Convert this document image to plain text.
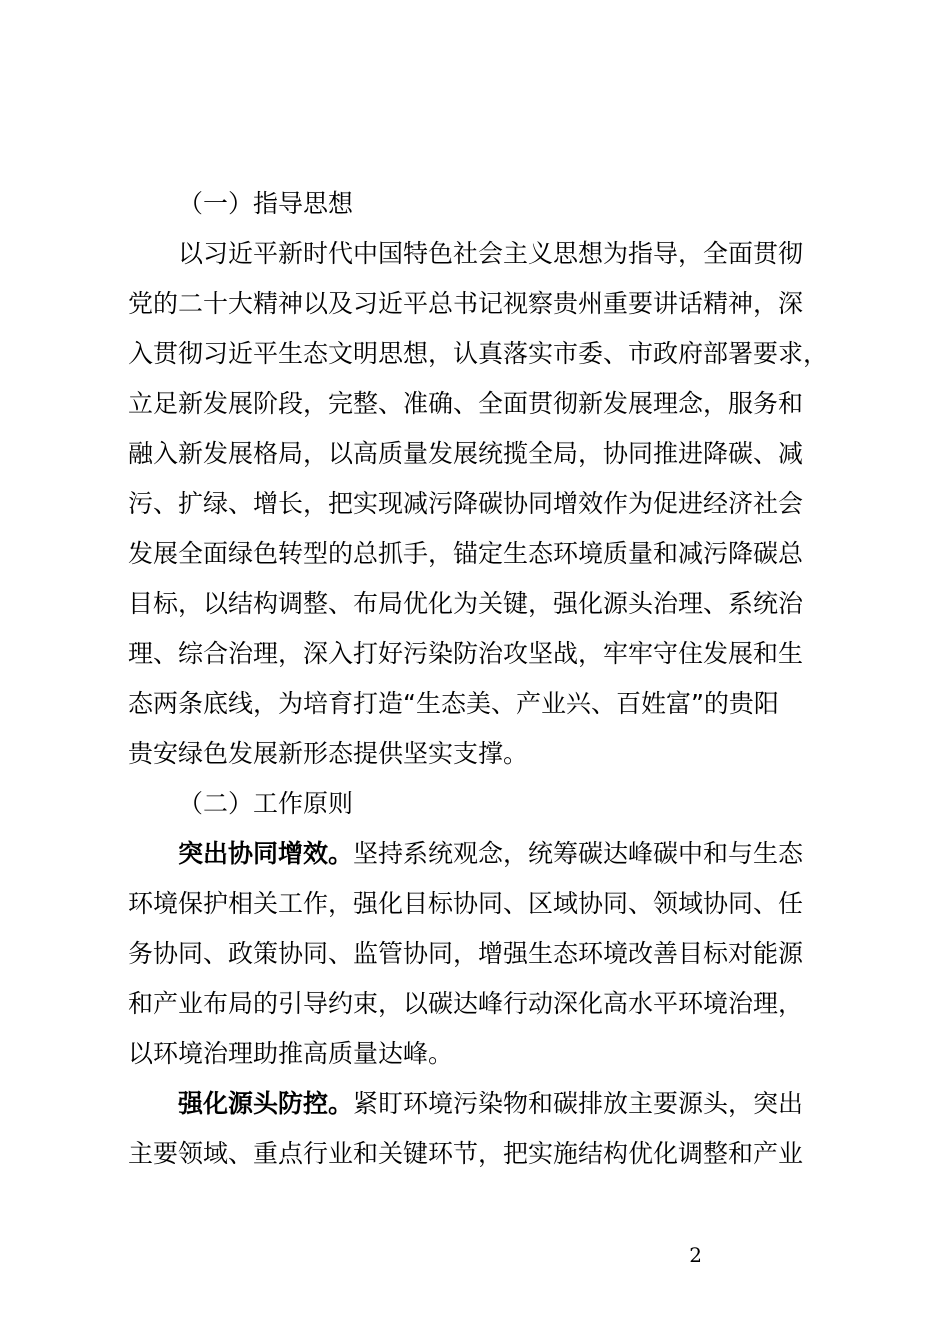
（一）指导思想
以习近平新时代中国特色社会主义思想为指导，全面贯彻
党的二十大精神以及习近平总书记视察贵州重要讲话精神，深
入贯彻习近平生态文明思想，认真落实市委、市政府部署要求，
立足新发展阶段，完整、准确、全面贯彻新发展理念，服务和
融入新发展格局，以高质量发展统揽全局，协同推进降碳、减
污、扩绿、增长，把实现减污降碳协同增效作为促进经济社会
发展全面绿色转型的总抓手，锚定生态环境质量和减污降碳总
目标，以结构调整、布局优化为关键，强化源头治理、系统治
理、综合治理，深入打好污染防治攻坚战，牢牢守住发展和生
态两条底线，为培育打造“生态美、产业兴、百姓富”的贵阳
贵安绿色发展新形态提供坚实支撑。
（二）工作原则
突出协同增效。坚持系统观念，统筹碳达峰碳中和与生态
环境保护相关工作，强化目标协同、区域协同、领域协同、任
务协同、政策协同、监管协同，增强生态环境改善目标对能源
和产业布局的引导约束，以碳达峰行动深化高水平环境治理，
以环境治理助推高质量达峰。
强化源头防控。紧盯环境污染物和碳排放主要源头，突出
主要领域、重点行业和关键环节，把实施结构优化调整和产业
2
